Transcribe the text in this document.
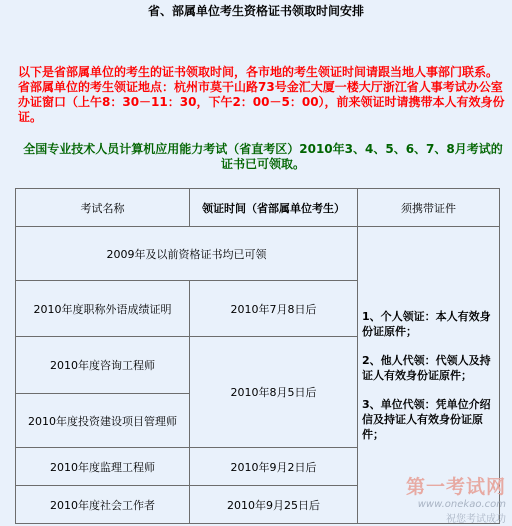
省、部属单位考生资格证书领取时间安排
以下是省部属单位的考生的证书领取时间，各市地的考生领证时间请跟当地人事部门联系。省部属单位的考生领证地点：杭州市莫干山路73号金汇大厦一楼大厅浙江省人事考试办公室办证窗口（上午8：30－11：30，下午2：00－5：00），前来领证时请携带本人有效身份证。
全国专业技术人员计算机应用能力考试（省直考区）2010年3、4、5、6、7、8月考试的证书已可领取。
考试名称	领证时间（省部属单位考生）	须携带证件
2009年及以前资格证书均已可领		1、个人领证：本人有效身份证原件；

2、他人代领：代领人及持证人有效身份证原件；

3、单位代领：凭单位介绍信及持证人有效身份证原件；

2010年度职称外语成绩证明	2010年7月8日后	
2010年度咨询工程师	2010年8月5日后	
2010年度投资建设项目管理师		
2010年度监理工程师	2010年9月2日后	
2010年度社会工作者	2010年9月25日后	
第一考试网
www.onekao.com
祝您考试成功
